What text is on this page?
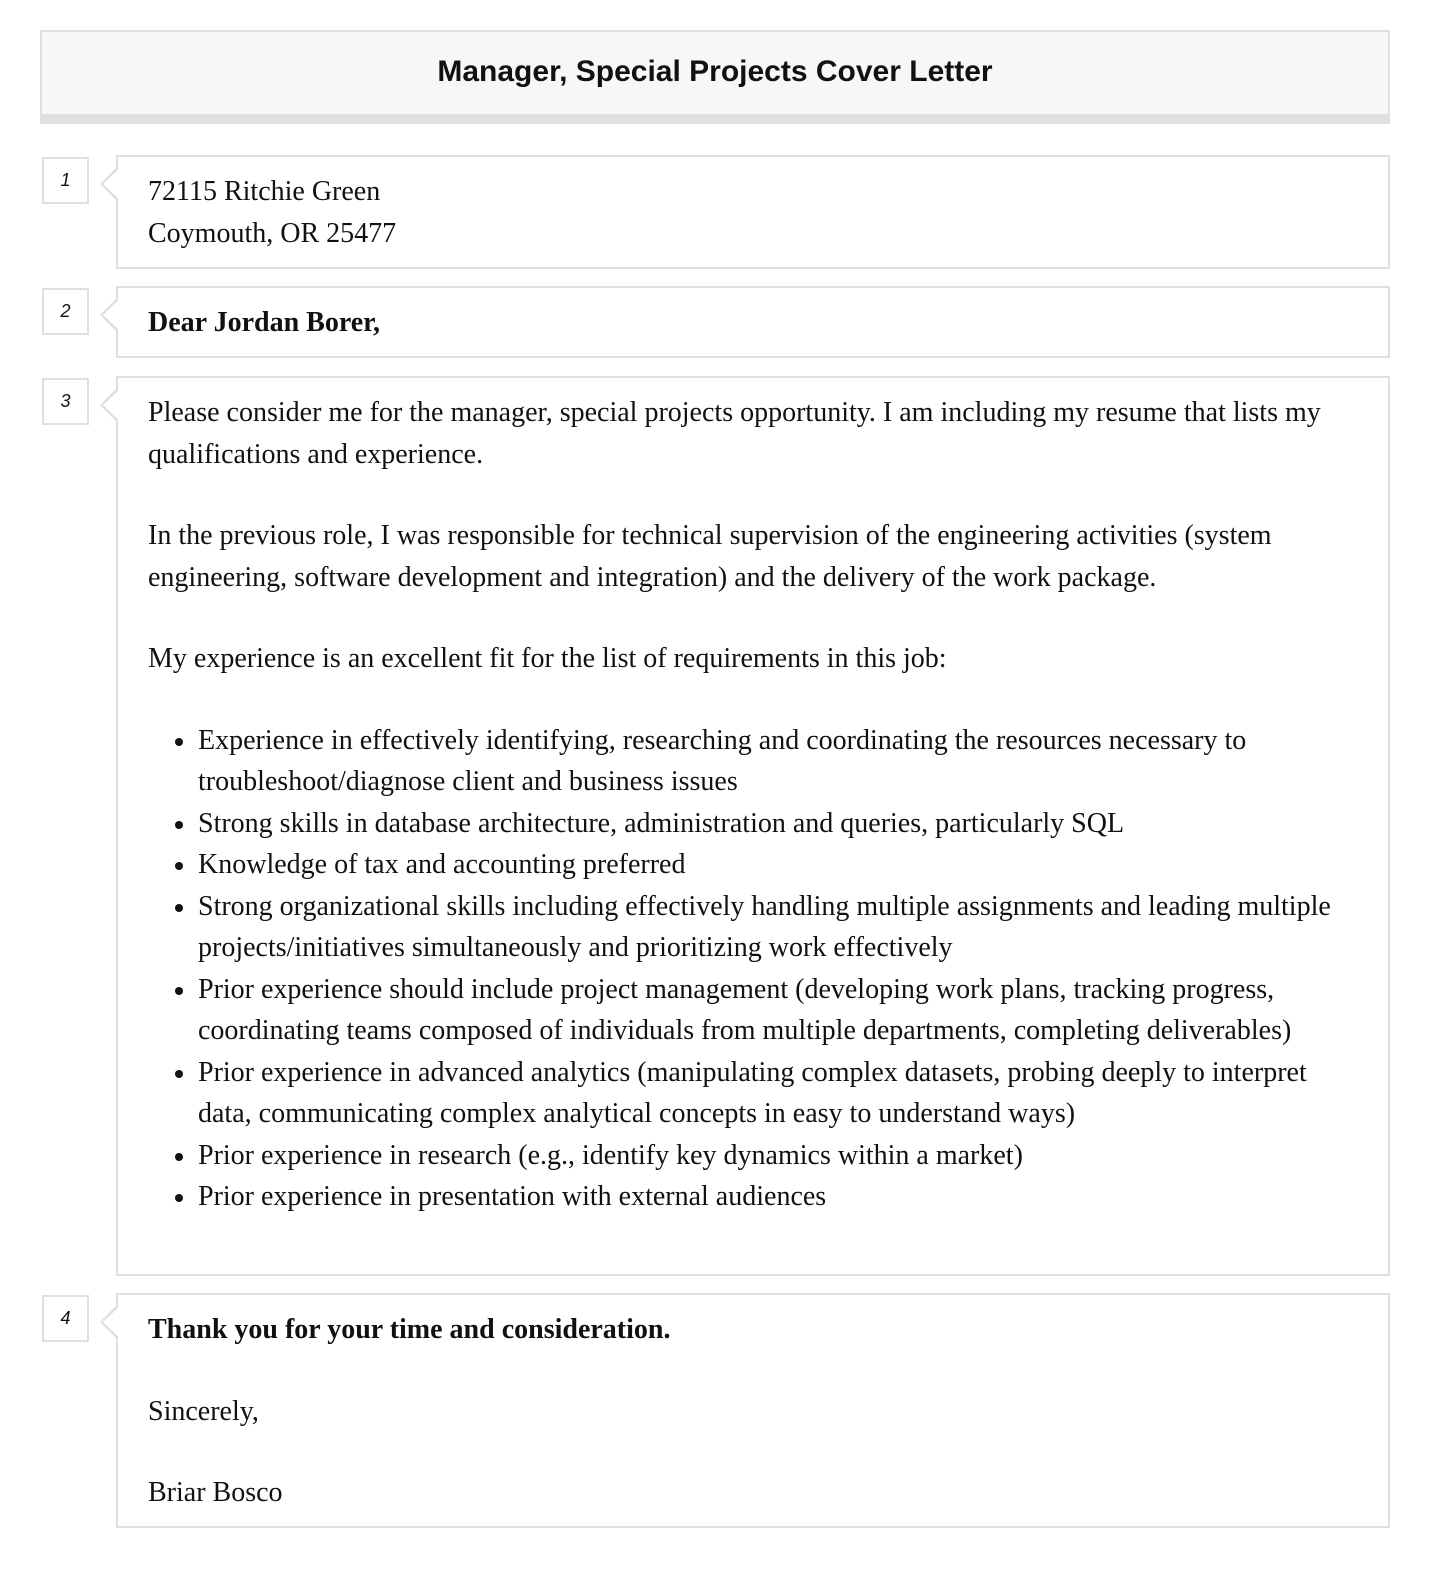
Manager, Special Projects Cover Letter
1	72115 Ritchie Green
Coymouth, OR 25477
2	Dear Jordan Borer,
3	Please consider me for the manager, special projects opportunity. I am including my resume that lists my qualifications and experience.

In the previous role, I was responsible for technical supervision of the engineering activities (system engineering, software development and integration) and the delivery of the work package.

My experience is an excellent fit for the list of requirements in this job:

Experience in effectively identifying, researching and coordinating the resources necessary to troubleshoot/diagnose client and business issues
Strong skills in database architecture, administration and queries, particularly SQL
Knowledge of tax and accounting preferred
Strong organizational skills including effectively handling multiple assignments and leading multiple projects/initiatives simultaneously and prioritizing work effectively
Prior experience should include project management (developing work plans, tracking progress, coordinating teams composed of individuals from multiple departments, completing deliverables)
Prior experience in advanced analytics (manipulating complex datasets, probing deeply to interpret data, communicating complex analytical concepts in easy to understand ways)
Prior experience in research (e.g., identify key dynamics within a market)
Prior experience in presentation with external audiences
4	Thank you for your time and consideration.
Sincerely,
Briar Bosco
